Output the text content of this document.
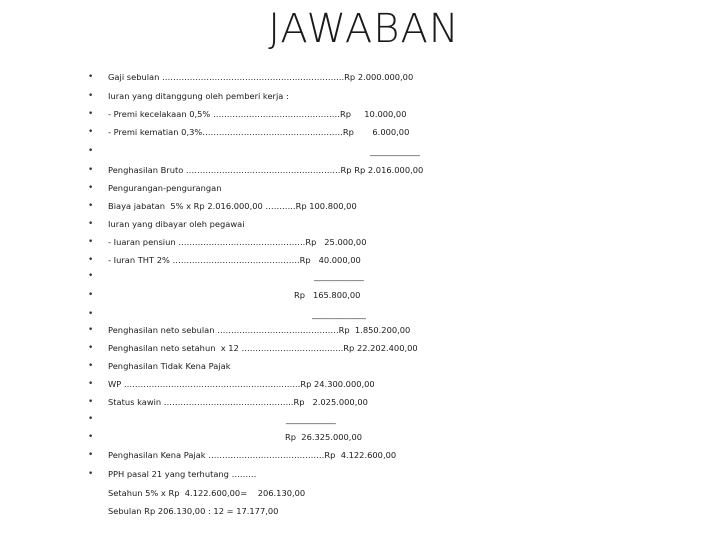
JAWABAN
• Gaji sebulan ………………………………………….……………..Rp 2.000.000,00
• Iuran yang ditanggung oleh pemberi kerja :
• - Premi kecelakaan 0,5% ……………………………….………Rp     10.000,00
• - Premi kematian 0,3%…………………………….……..………Rp       6.000,00
•	____________
• Penghasilan Bruto ……………………………….…….…………Rp Rp 2.016.000,00
• Pengurangan-pengurangan
• Biaya jabatan  5% x Rp 2.016.000,00 ………..Rp 100.800,00
• Iuran yang dibayar oleh pegawai
• - Iuaran pensiun ……………………………………….Rp   25.000,00
• - Iuran THT 2% ……………………………………….Rp   40.000,00
•	____________
•	Rp   165.800,00
•	_____________
• Penghasilan neto sebulan ………………………….………….Rp  1.850.200,00
• Penghasilan neto setahun  x 12 …………………………..…..Rp 22.202.400,00
• Penghasilan Tidak Kena Pajak
• WP ………………………………………………..……..Rp 24.300.000,00
• Status kawin ………………………………………..Rp   2.025.000,00
•	____________
•	Rp  26.325.000,00
• Penghasilan Kena Pajak ……………………………………Rp  4.122.600,00
• PPH pasal 21 yang terhutang ………
Setahun 5% x Rp  4.122.600,00=    206.130,00
Sebulan Rp 206.130,00 : 12 = 17.177,00
